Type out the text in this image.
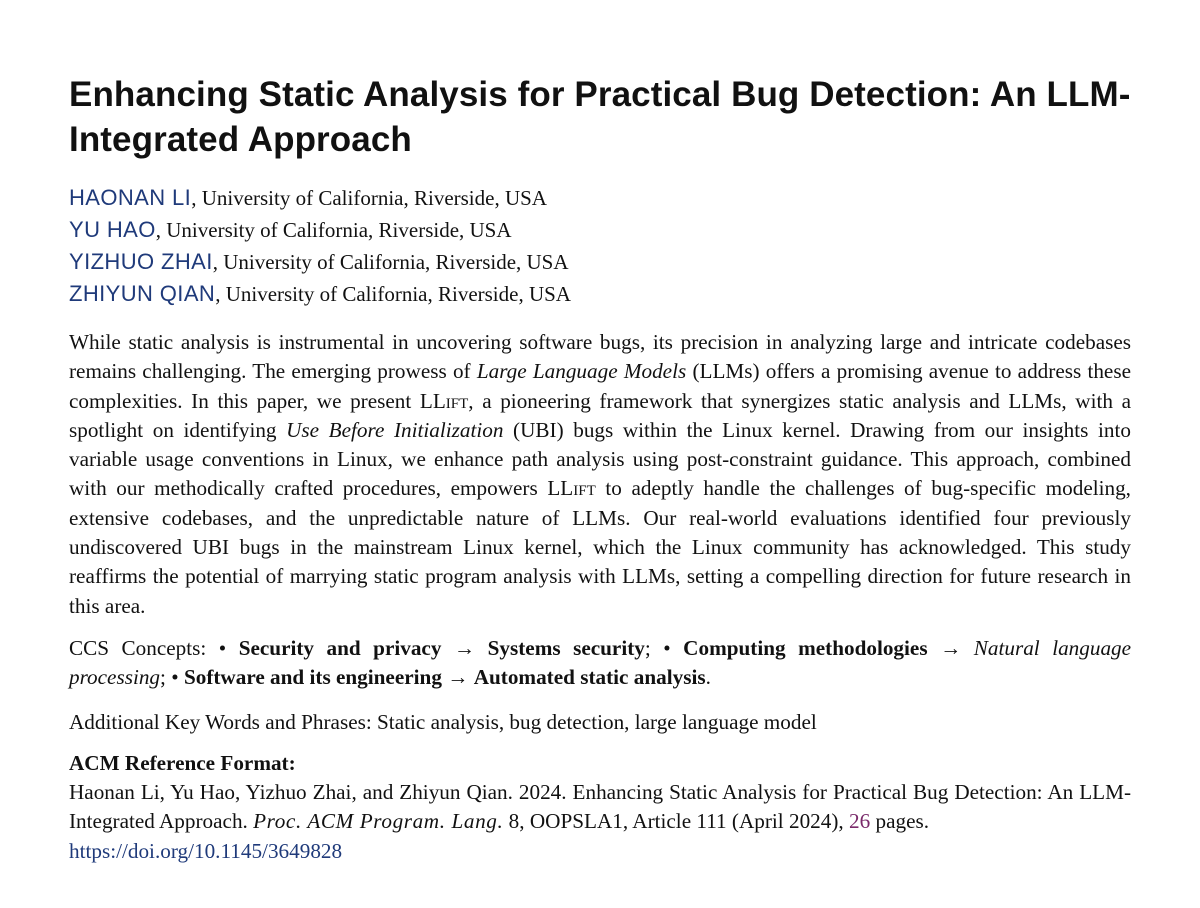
Enhancing Static Analysis for Practical Bug Detection: An LLM-Integrated Approach
HAONAN LI, University of California, Riverside, USA
YU HAO, University of California, Riverside, USA
YIZHUO ZHAI, University of California, Riverside, USA
ZHIYUN QIAN, University of California, Riverside, USA

While static analysis is instrumental in uncovering software bugs, its precision in analyzing large and intricate codebases remains challenging. The emerging prowess of Large Language Models (LLMs) offers a promising avenue to address these complexities. In this paper, we present LLift, a pioneering framework that synergizes static analysis and LLMs, with a spotlight on identifying Use Before Initialization (UBI) bugs within the Linux kernel. Drawing from our insights into variable usage conventions in Linux, we enhance path analysis using post-constraint guidance. This approach, combined with our methodically crafted procedures, empowers LLift to adeptly handle the challenges of bug-specific modeling, extensive codebases, and the unpredictable nature of LLMs. Our real-world evaluations identified four previously undiscovered UBI bugs in the mainstream Linux kernel, which the Linux community has acknowledged. This study reaffirms the potential of marrying static program analysis with LLMs, setting a compelling direction for future research in this area.

CCS Concepts: • Security and privacy → Systems security; • Computing methodologies → Natural language processing; • Software and its engineering → Automated static analysis.

Additional Key Words and Phrases: Static analysis, bug detection, large language model

ACM Reference Format:

Haonan Li, Yu Hao, Yizhuo Zhai, and Zhiyun Qian. 2024. Enhancing Static Analysis for Practical Bug Detection: An LLM-Integrated Approach. Proc. ACM Program. Lang. 8, OOPSLA1, Article 111 (April 2024), 26 pages.
https://doi.org/10.1145/3649828
